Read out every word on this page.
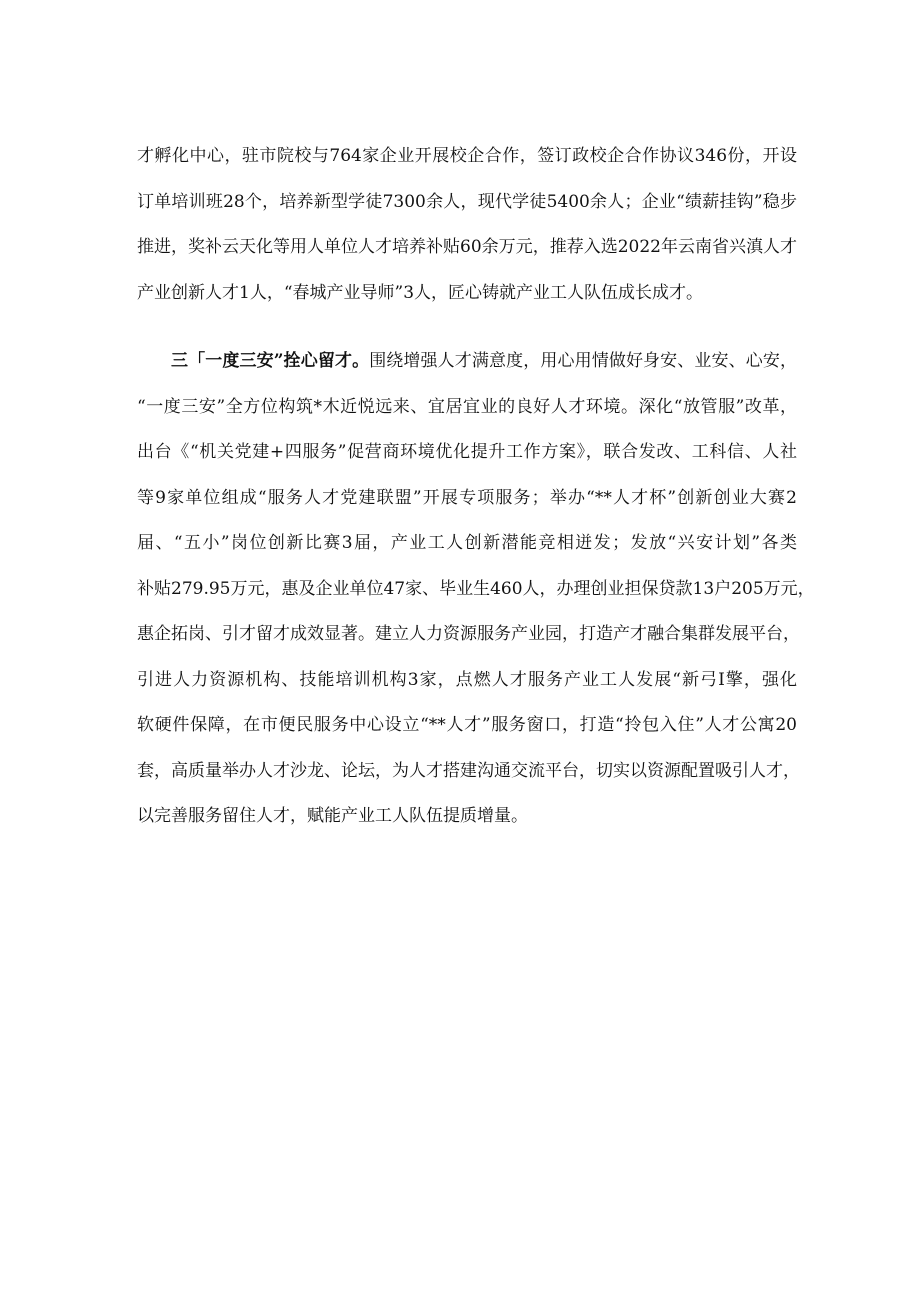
才孵化中心，驻市院校与764家企业开展校企合作，签订政校企合作协议346份，开设
订单培训班28个，培养新型学徒7300余人，现代学徒5400余人；企业“绩薪挂钩”稳步
推进，奖补云天化等用人单位人才培养补贴60余万元，推荐入选2022年云南省兴滇人才
产业创新人才1人，“春城产业导师”3人，匠心铸就产业工人队伍成长成才。
三「一度三安”拴心留才。围绕增强人才满意度，用心用情做好身安、业安、心安，
“一度三安”全方位构筑*木近悦远来、宜居宜业的良好人才环境。深化“放管服”改革，
出台《“机关党建+四服务”促营商环境优化提升工作方案》，联合发改、工科信、人社
等9家单位组成“服务人才党建联盟”开展专项服务；举办“**人才杯”创新创业大赛2
届、“五小”岗位创新比赛3届，产业工人创新潜能竞相迸发；发放“兴安计划”各类
补贴279.95万元，惠及企业单位47家、毕业生460人，办理创业担保贷款13户205万元，
惠企拓岗、引才留才成效显著。建立人力资源服务产业园，打造产才融合集群发展平台，
引进人力资源机构、技能培训机构3家，点燃人才服务产业工人发展“新弓I擎，强化
软硬件保障，在市便民服务中心设立“**人才”服务窗口，打造“拎包入住”人才公寓20
套，高质量举办人才沙龙、论坛，为人才搭建沟通交流平台，切实以资源配置吸引人才，
以完善服务留住人才，赋能产业工人队伍提质增量。
